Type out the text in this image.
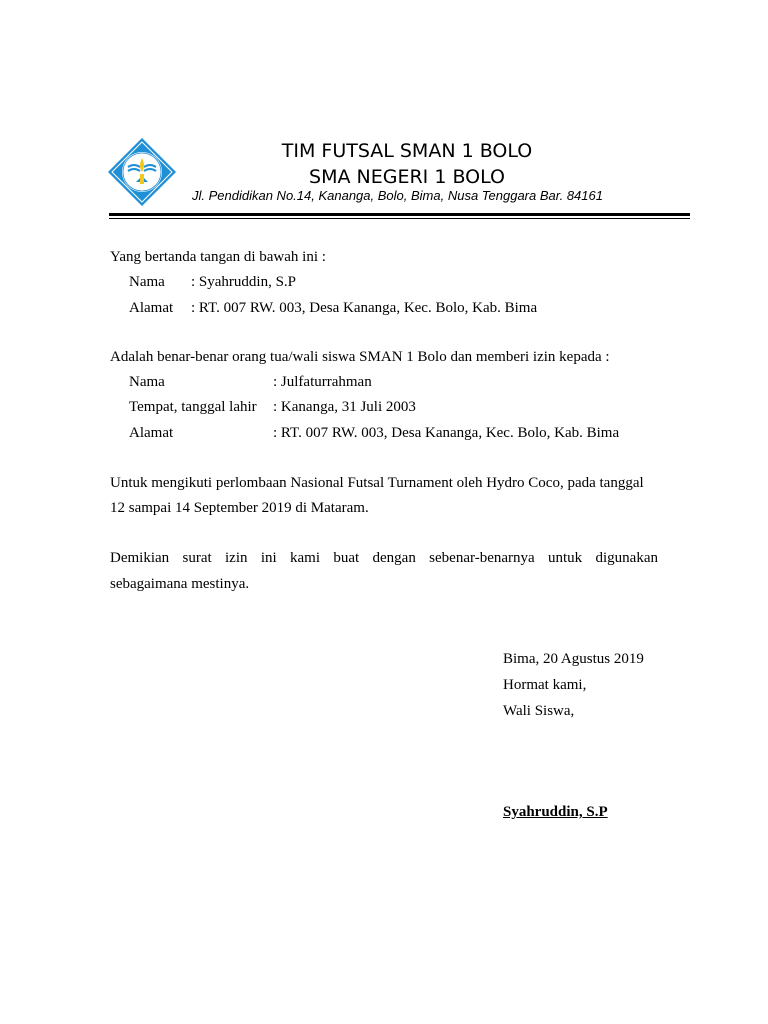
TIM FUTSAL SMAN 1 BOLO
SMA NEGERI 1 BOLO
Jl. Pendidikan No.14, Kananga, Bolo, Bima, Nusa Tenggara Bar. 84161
Yang bertanda tangan di bawah ini :
Nama : Syahruddin, S.P
Alamat : RT. 007 RW. 003, Desa Kananga, Kec. Bolo, Kab. Bima
Adalah benar-benar orang tua/wali siswa SMAN 1 Bolo dan memberi izin kepada :
Nama	: Julfaturrahman
Tempat, tanggal lahir : Kananga, 31 Juli 2003
Alamat	: RT. 007 RW. 003, Desa Kananga, Kec. Bolo, Kab. Bima
Untuk mengikuti perlombaan Nasional Futsal Turnament oleh Hydro Coco, pada tanggal
12 sampai 14 September 2019 di Mataram.
Demikian surat izin ini kami buat dengan sebenar-benarnya untuk digunakan
sebagaimana mestinya.
Bima, 20 Agustus 2019
Hormat kami,
Wali Siswa,
Syahruddin, S.P
